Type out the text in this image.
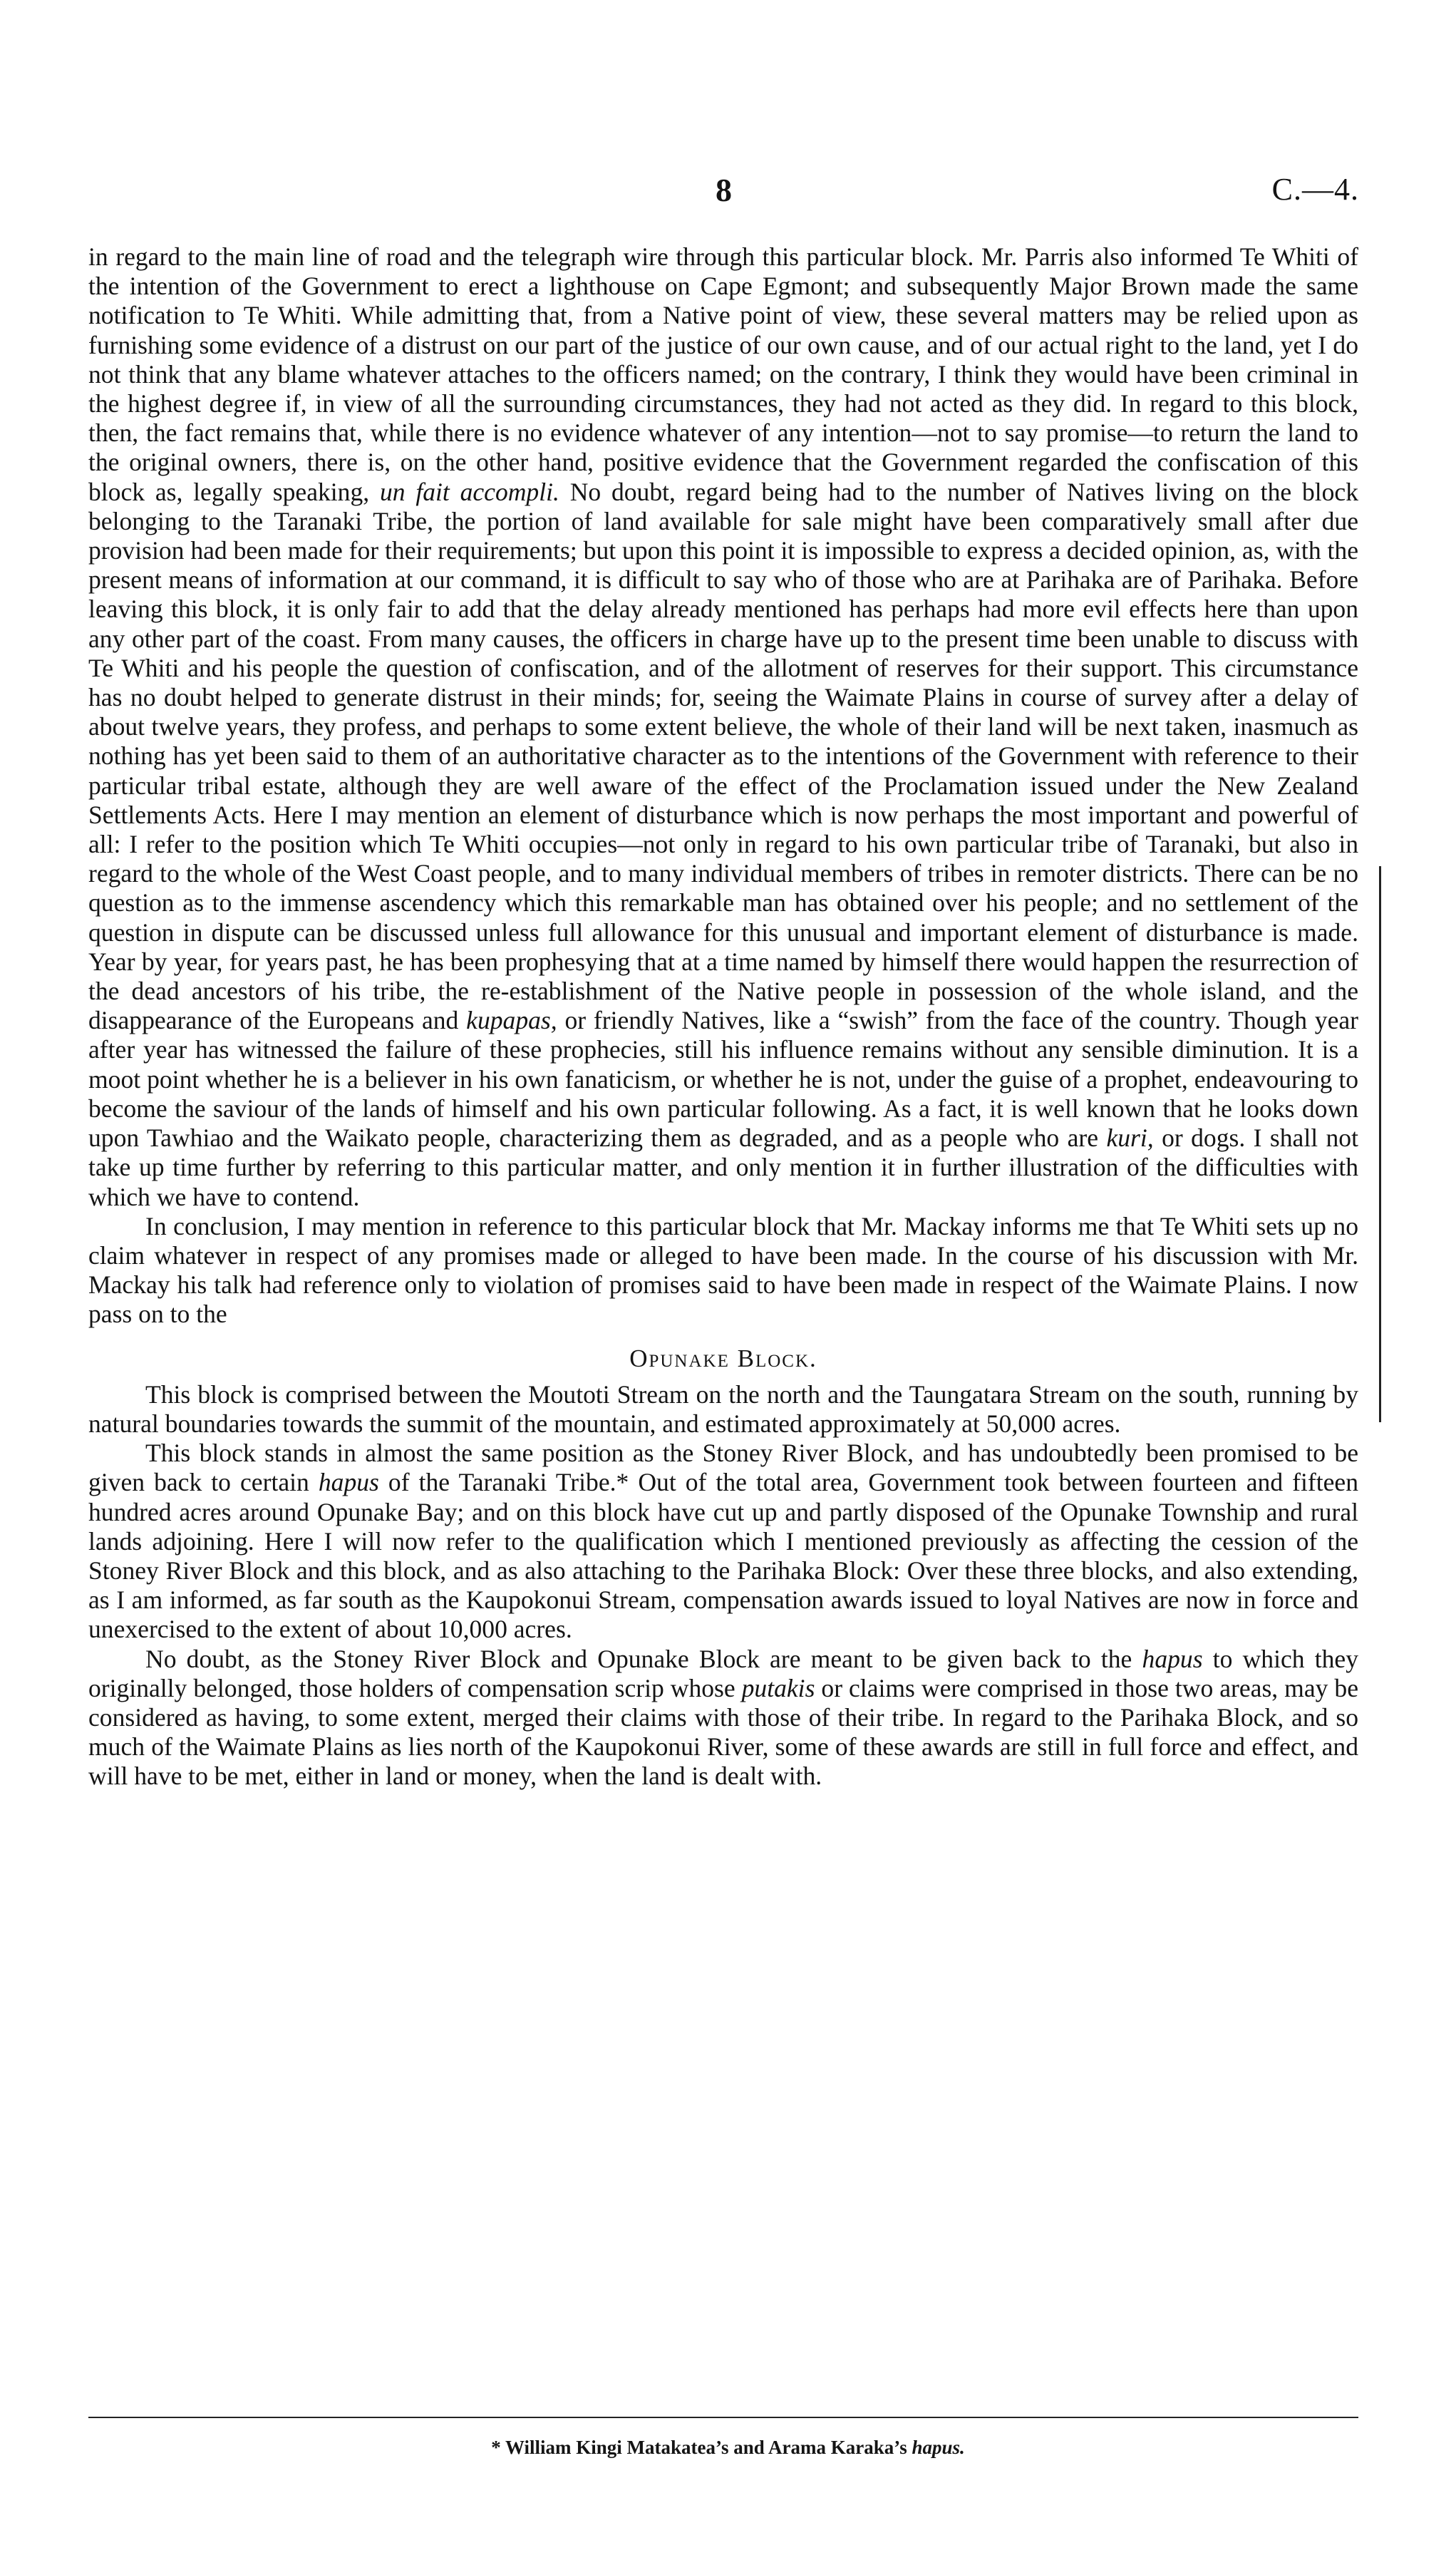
8	C.—4.

in regard to the main line of road and the telegraph wire through this particular block. Mr. Parris also informed Te Whiti of the intention of the Government to erect a lighthouse on Cape Egmont; and subsequently Major Brown made the same notification to Te Whiti. While admitting that, from a Native point of view, these several matters may be relied upon as furnishing some evidence of a distrust on our part of the justice of our own cause, and of our actual right to the land, yet I do not think that any blame whatever attaches to the officers named; on the contrary, I think they would have been criminal in the highest degree if, in view of all the surrounding circumstances, they had not acted as they did. In regard to this block, then, the fact remains that, while there is no evidence whatever of any intention—not to say promise—to return the land to the original owners, there is, on the other hand, positive evidence that the Government regarded the confiscation of this block as, legally speaking, un fait accompli. No doubt, regard being had to the number of Natives living on the block belonging to the Taranaki Tribe, the portion of land available for sale might have been comparatively small after due provision had been made for their requirements; but upon this point it is impossible to express a decided opinion, as, with the present means of information at our command, it is difficult to say who of those who are at Parihaka are of Parihaka. Before leaving this block, it is only fair to add that the delay already mentioned has perhaps had more evil effects here than upon any other part of the coast. From many causes, the officers in charge have up to the present time been unable to discuss with Te Whiti and his people the question of confiscation, and of the allotment of reserves for their support. This circumstance has no doubt helped to generate distrust in their minds; for, seeing the Waimate Plains in course of survey after a delay of about twelve years, they profess, and perhaps to some extent believe, the whole of their land will be next taken, inasmuch as nothing has yet been said to them of an authoritative character as to the intentions of the Government with reference to their particular tribal estate, although they are well aware of the effect of the Proclamation issued under the New Zealand Settlements Acts. Here I may mention an element of disturbance which is now perhaps the most important and powerful of all: I refer to the position which Te Whiti occupies—not only in regard to his own particular tribe of Taranaki, but also in regard to the whole of the West Coast people, and to many individual members of tribes in remoter districts. There can be no question as to the immense ascendency which this remarkable man has obtained over his people; and no settlement of the question in dispute can be discussed unless full allowance for this unusual and important element of disturbance is made. Year by year, for years past, he has been prophesying that at a time named by himself there would happen the resurrection of the dead ancestors of his tribe, the re-establishment of the Native people in possession of the whole island, and the disappearance of the Europeans and kupapas, or friendly Natives, like a “swish” from the face of the country. Though year after year has witnessed the failure of these prophecies, still his influence remains without any sensible diminution. It is a moot point whether he is a believer in his own fanaticism, or whether he is not, under the guise of a prophet, endeavouring to become the saviour of the lands of himself and his own particular following. As a fact, it is well known that he looks down upon Tawhiao and the Waikato people, characterizing them as degraded, and as a people who are kuri, or dogs. I shall not take up time further by referring to this particular matter, and only mention it in further illustration of the difficulties with which we have to contend.

In conclusion, I may mention in reference to this particular block that Mr. Mackay informs me that Te Whiti sets up no claim whatever in respect of any promises made or alleged to have been made. In the course of his discussion with Mr. Mackay his talk had reference only to violation of promises said to have been made in respect of the Waimate Plains. I now pass on to the

Opunake Block.

This block is comprised between the Moutoti Stream on the north and the Taungatara Stream on the south, running by natural boundaries towards the summit of the mountain, and estimated approximately at 50,000 acres.

This block stands in almost the same position as the Stoney River Block, and has undoubtedly been promised to be given back to certain hapus of the Taranaki Tribe.* Out of the total area, Government took between fourteen and fifteen hundred acres around Opunake Bay; and on this block have cut up and partly disposed of the Opunake Township and rural lands adjoining. Here I will now refer to the qualification which I mentioned previously as affecting the cession of the Stoney River Block and this block, and as also attaching to the Parihaka Block: Over these three blocks, and also extending, as I am informed, as far south as the Kaupokonui Stream, compensation awards issued to loyal Natives are now in force and unexercised to the extent of about 10,000 acres.

No doubt, as the Stoney River Block and Opunake Block are meant to be given back to the hapus to which they originally belonged, those holders of compensation scrip whose putakis or claims were comprised in those two areas, may be considered as having, to some extent, merged their claims with those of their tribe. In regard to the Parihaka Block, and so much of the Waimate Plains as lies north of the Kaupokonui River, some of these awards are still in full force and effect, and will have to be met, either in land or money, when the land is dealt with.

* William Kingi Matakatea’s and Arama Karaka’s hapus.
